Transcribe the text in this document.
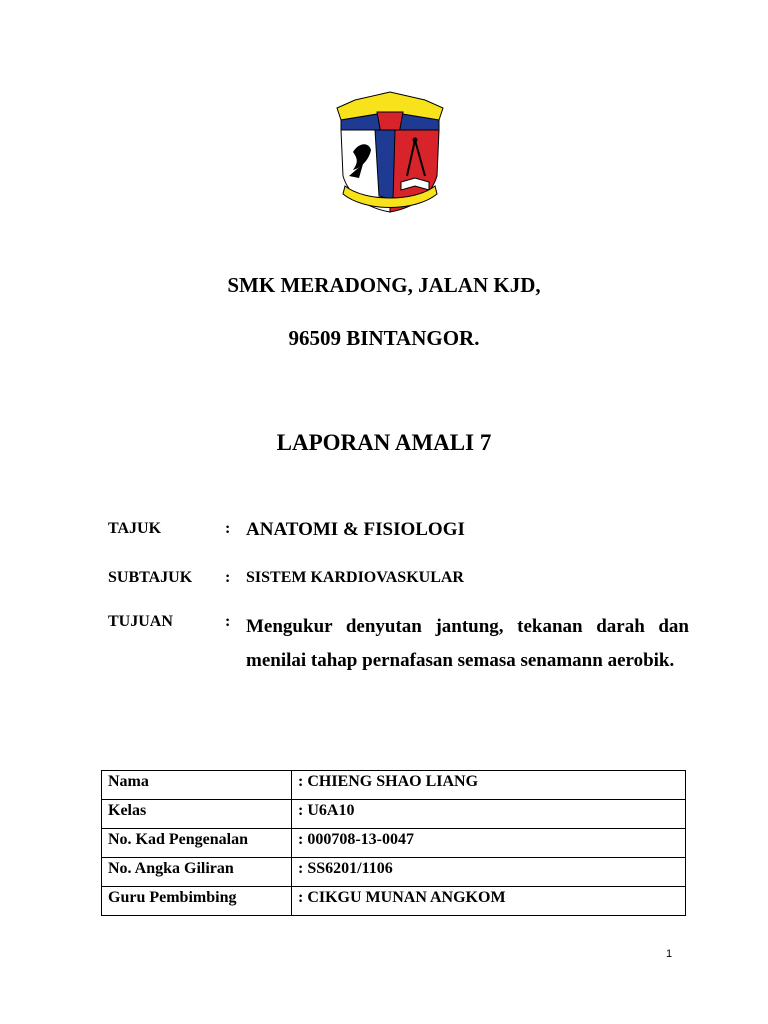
SMK MERADONG, JALAN KJD,
96509 BINTANGOR.
LAPORAN AMALI 7
TAJUK	: ANATOMI & FISIOLOGI
SUBTAJUK : SISTEM KARDIOVASKULAR
TUJUAN	: Mengukur denyutan jantung, tekanan darah dan menilai tahap pernafasan semasa senamann aerobik.
Nama	: CHIENG SHAO LIANG
Kelas	: U6A10
No. Kad Pengenalan	: 000708-13-0047
No. Angka Giliran	: SS6201/1106
Guru Pembimbing	: CIKGU MUNAN ANGKOM
1
